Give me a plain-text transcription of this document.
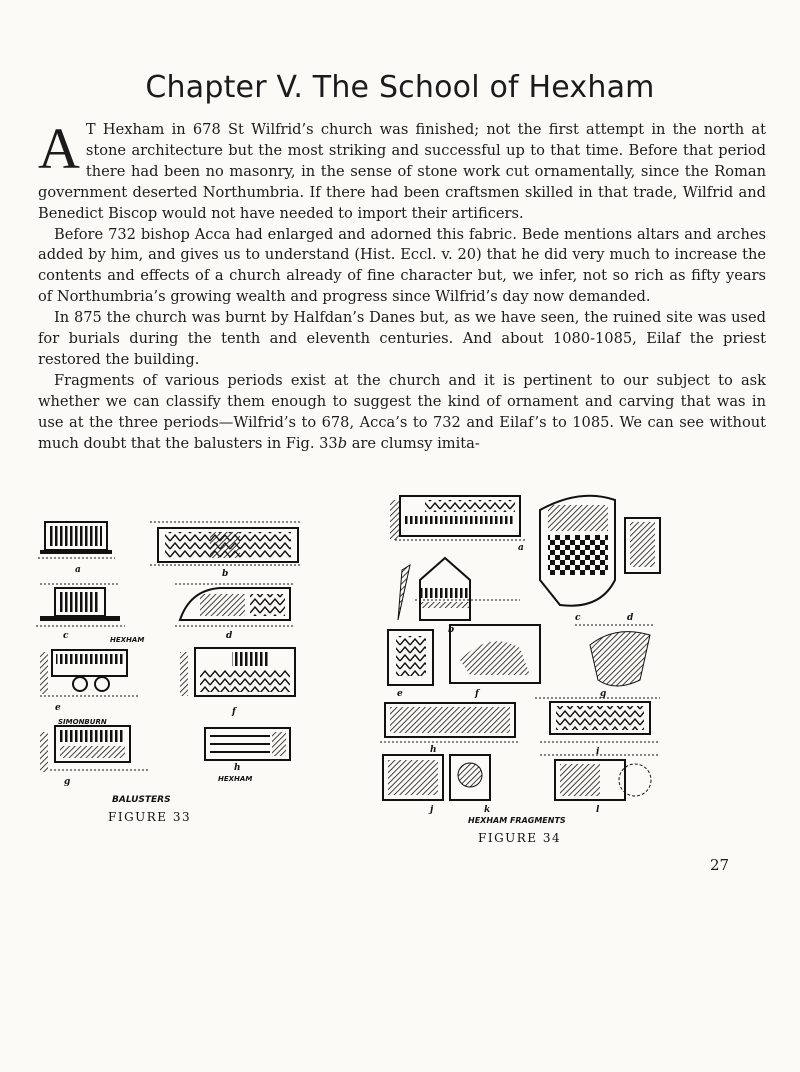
Chapter V. The School of Hexham

A T Hexham in 678 St Wilfrid’s church was finished; not the first attempt in the north at stone architecture but the most striking and successful up to that time. Before that period there had been no masonry, in the sense of stone work cut ornamentally, since the Roman government deserted Northumbria. If there had been craftsmen skilled in that trade, Wilfrid and Benedict Biscop would not have needed to import their artificers.

Before 732 bishop Acca had enlarged and adorned this fabric. Bede mentions altars and arches added by him, and gives us to understand (Hist. Eccl. v. 20) that he did very much to increase the contents and effects of a church already of fine character but, we infer, not so rich as fifty years of Northumbria’s growing wealth and progress since Wilfrid’s day now demanded.

In 875 the church was burnt by Halfdan’s Danes but, as we have seen, the ruined site was used for burials during the tenth and eleventh centuries. And about 1080-1085, Eilaf the priest restored the building.

Fragments of various periods exist at the church and it is pertinent to our subject to ask whether we can classify them enough to suggest the kind of ornament and carving that was in use at the three periods—Wilfrid’s to 678, Acca’s to 732 and Eilaf’s to 1085. We can see without much doubt that the balusters in Fig. 33b are clumsy imita-

a	b
c	d
HEXHAM
e	f
SIMONBURN
g
h
HEXHAM
BALUSTERS
FIGURE 33
a
b
c	d
e	f	g
h	i
j	k	l
HEXHAM FRAGMENTS
FIGURE 34
27
